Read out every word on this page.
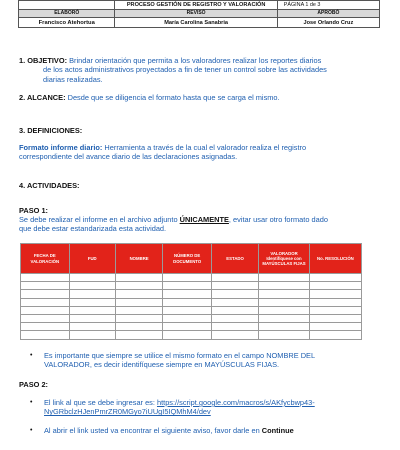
	PROCESO GESTIÓN DE REGISTRO Y VALORACIÓN	PÁGINA 1 de 3
ELABORÓ	REVISÓ	APROBÓ
Francisco Atehortua	María Carolina Sanabria	Jose Orlando Cruz
1. OBJETIVO: Brindar orientación que permita a los valoradores realizar los reportes diarios
de los actos administrativos proyectados a fin de tener un control sobre las actividades
diarias realizadas.
2. ALCANCE: Desde que se diligencia el formato hasta que se carga el mismo.
3. DEFINICIONES:
Formato informe diario: Herramienta a través de la cual el valorador realiza el registro
correspondiente del avance diario de las declaraciones asignadas.
4. ACTIVIDADES:
PASO 1:
Se debe realizar el informe en el archivo adjunto ÚNICAMENTE, evitar usar otro formato dado
que debe estar estandarizada esta actividad.
FECHA DE VALORACIÓN	FUD	NOMBRE	NÚMERO DE DOCUMENTO	ESTADO	VALORADOR Identifíquese con MAYÚSCULAS FIJAS	No. RESOLUCIÓN

•	Es importante que siempre se utilice el mismo formato en el campo NOMBRE DEL
VALORADOR, es decir identifíquese siempre en MAYÚSCULAS FIJAS.
PASO 2:
•	El link al que se debe ingresar es: https://script.google.com/macros/s/AKfycbwp43-
NyGRbclzHJenPmrZR0MGyo7iUUgI5IQMhM4/dev
•	Al abrir el link usted va encontrar el siguiente aviso, favor darle en Continue
